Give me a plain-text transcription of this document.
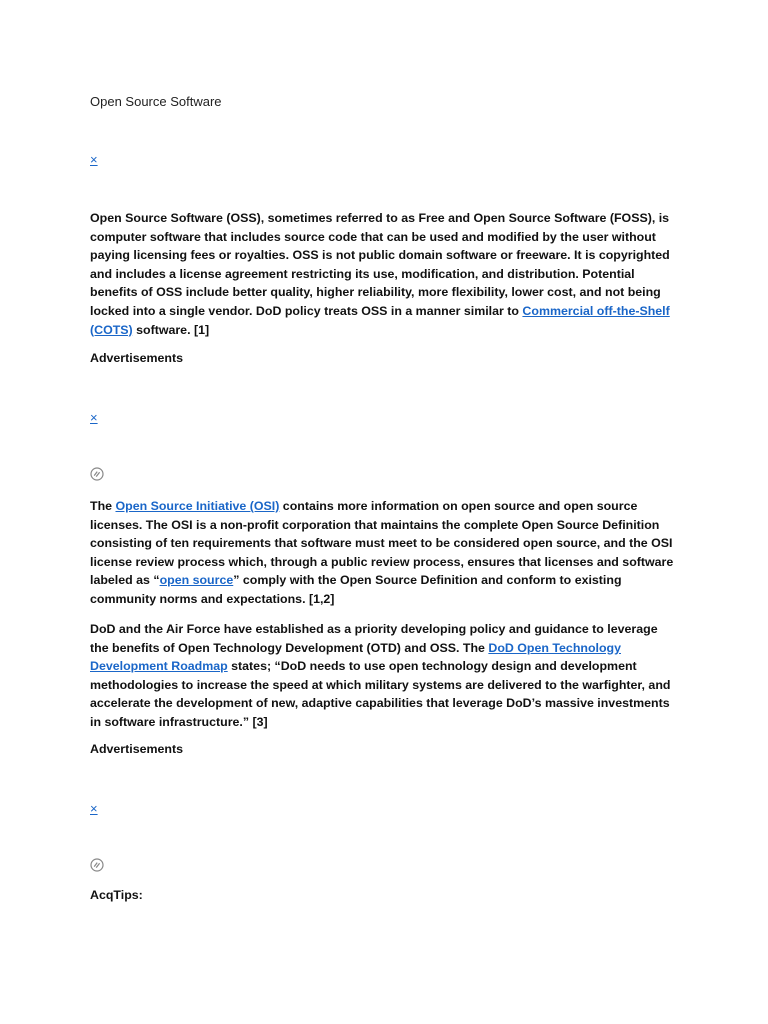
Open Source Software
×

Open Source Software (OSS), sometimes referred to as Free and Open Source Software (FOSS), is computer software that includes source code that can be used and modified by the user without paying licensing fees or royalties. OSS is not public domain software or freeware. It is copyrighted and includes a license agreement restricting its use, modification, and distribution. Potential benefits of OSS include better quality, higher reliability, more flexibility, lower cost, and not being locked into a single vendor. DoD policy treats OSS in a manner similar to Commercial off-the-Shelf (COTS) software. [1]

Advertisements
×

The Open Source Initiative (OSI) contains more information on open source and open source licenses. The OSI is a non-profit corporation that maintains the complete Open Source Definition consisting of ten requirements that software must meet to be considered open source, and the OSI license review process which, through a public review process, ensures that licenses and software labeled as “open source” comply with the Open Source Definition and conform to existing community norms and expectations. [1,2]

DoD and the Air Force have established as a priority developing policy and guidance to leverage the benefits of Open Technology Development (OTD) and OSS. The DoD Open Technology Development Roadmap states; “DoD needs to use open technology design and development methodologies to increase the speed at which military systems are delivered to the warfighter, and accelerate the development of new, adaptive capabilities that leverage DoD’s massive investments in software infrastructure.” [3]

Advertisements
×
AcqTips:
